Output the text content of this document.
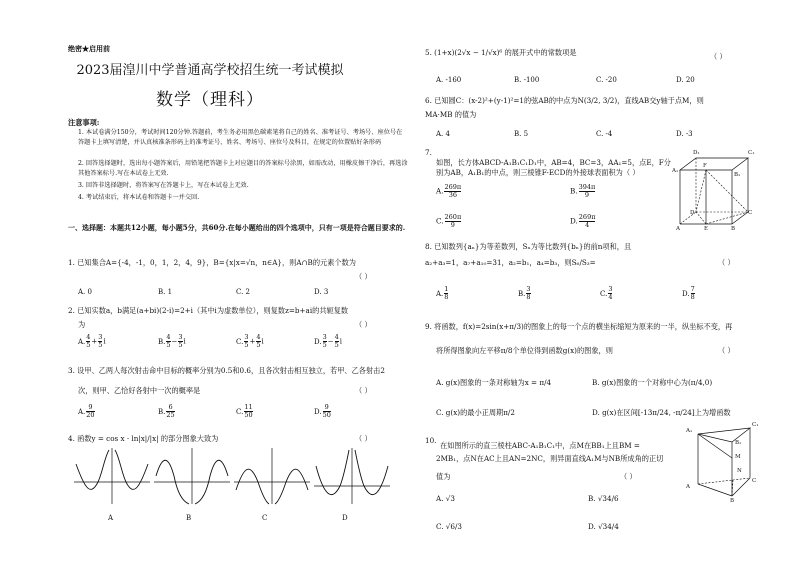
绝密★启用前
2023届湟川中学普通高学校招生统一考试模拟
数学（理科）
注意事项:
1. 本试卷满分150分，考试时间120分钟.答题前，考生务必用黑色碳素笔将自己的姓名、准考证号、考场号、座位号在答题卡上填写清楚，并认真核准条形码上的准考证号、姓名、考场号、座位号及科目，在规定的位置贴好条形码
2. 回答选择题时，选出每小题答案后，用铅笔把答题卡上对应题目的答案标号涂黑，如需改动，用橡皮擦干净后，再选涂其他答案标号.写在本试卷上无效.
3. 回答非选择题时，将答案写在答题卡上，写在本试卷上无效.
4. 考试结束后，将本试卷和答题卡一并交回.
一、选择题：本题共12小题，每小题5分，共60分.在每小题给出的四个选项中，只有一项是符合题目要求的.
1. 已知集合A={-4，-1，0，1，2，4，9}，B={x|x=√n，n∈A}，则A∩B的元素个数为
（ ）
A. 0	B. 1	C. 2	D. 3
2. 已知实数a，b满足(a+bi)(2-i)=2+i（其中i为虚数单位），则复数z=b+ai的共轭复数
为	（ ）
A. $\frac{4}{5} + \frac{3}{5}$ i	B. $\frac{4}{5} - \frac{3}{5}$ i	C. $\frac{3}{5} + \frac{4}{5}$ i	D. $\frac{3}{5} - \frac{4}{5}$ i
3. 设甲、乙两人每次射击命中目标的概率分别为0.5和0.6，且各次射击相互独立，若甲、乙各射击2
次，则甲、乙恰好各射中一次的概率是	（ ）
A. $\frac{9}{20}$	B. $\frac{6}{25}$	C. $\frac{11}{50}$	D. $\frac{9}{50}$
4. 函数y = cos x · ln|x|/|x| 的部分图象大致为	（ ）
A	B	C	D
5. (1+x)(2√x − 1/√x)⁶ 的展开式中的常数项是	（ ）
A. -160	B. -100	C. -20	D. 20
6. 已知圆C：(x-2)²+(y-1)²=1的弦AB的中点为N(3/2, 3/2)，直线AB交y轴于点M，则
MA·MB 的值为
A. 4	B. 5	C. -4	D. -3
7.
如图，长方体ABCD-A₁B₁C₁D₁中，AB=4，BC=3，AA₁=5，点E，F分
别为AB，A₁B₁的中点，则三棱锥F-ECD的外接球表面积为（ ）
A. $\frac{269\pi}{36}$	B. $\frac{394\pi}{9}$
C. $\frac{260\pi}{9}$	D. $\frac{269\pi}{4}$
D₁	C₁
A₁
B₁
F
D	C
A	E	B
8. 已知数列{aₙ}为等差数列，Sₙ为等比数列{bₙ}的前n项和，且
a₂+a₃=1，a₇+a₁₀=31，a₂=b₁，a₄=b₃，则S₆/S₃=	（ ）
A. $\frac{1}{8}$	B. $\frac{3}{8}$	C. $\frac{3}{4}$	D. $\frac{7}{8}$
9. 将函数，f(x)=2sin(x+π/3)的图象上的每一个点的横坐标缩短为原来的一半，纵坐标不变，再
将所得图象向左平移π/8个单位得到函数g(x)的图象，则	（ ）
A. g(x)图象的一条对称轴为x = π/4	B. g(x)图象的一个对称中心为(π/4,0)
C. g(x)的最小正周期π/2	D. g(x)在区间[-13π/24, -π/24]上为增函数
10.
在如图所示的直三棱柱ABC-A₁B₁C₁中，点M在BB₁上且BM =
2MB₁，点N在AC上且AN=2NC，则异面直线A₁M与NB所成角的正切
值为	（ ）
A. √3	B. √34/6
C. √6/3	D. √34/4
A₁
C₁
B₁
M
A
C
N
B
